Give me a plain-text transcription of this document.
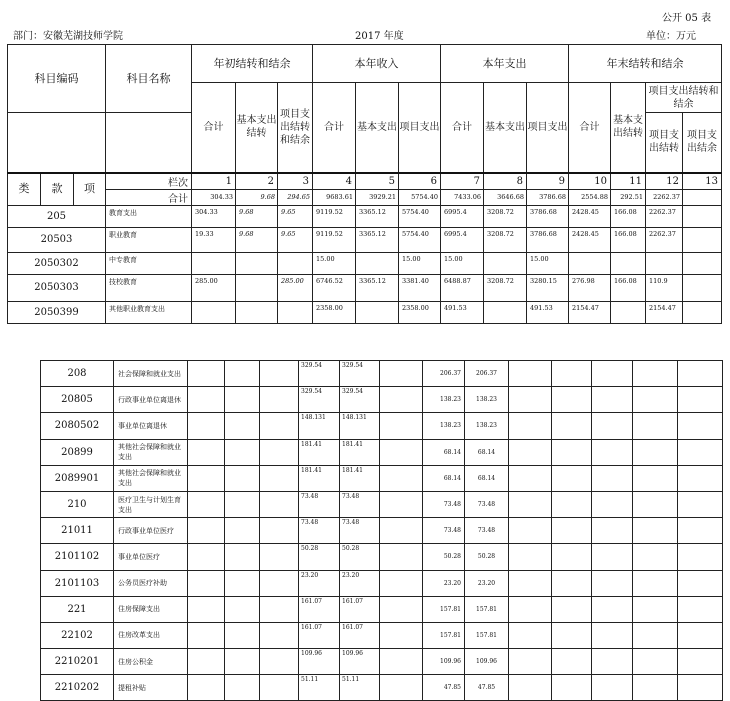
公开 05 表
部门：安徽芜湖技师学院	2017 年度	单位：万元
科目编码			科目名称	年初结转和结余			本年收入			本年支出			年末结转和结余			
				合计	基本支出结转	项目支出结转和结余	合计	基本支出	项目支出	合计	基本支出	项目支出	合计	基本支出结转	项目支出结转和结余	
															项目支出结转	项目支出结余
类	款	项	栏次	1	2	3	4	5	6	7	8	9	10	11	12	13
			合计	304.33	9.68	294.65	9683.61	3929.21	5754.40	7433.06	3646.68	3786.68	2554.88	292.51	2262.37	
205			教育支出	304.33	9.68	9.65	9119.52	3365.12	5754.40	6995.4	3208.72	3786.68	2428.45	166.08	2262.37	
20503			职业教育	19.33	9.68	9.65	9119.52	3365.12	5754.40	6995.4	3208.72	3786.68	2428.45	166.08	2262.37	
2050302			中专教育				15.00		15.00	15.00		15.00				
2050303			技校教育	285.00		285.00	6746.52	3365.12	3381.40	6488.87	3208.72	3280.15	276.98	166.08	110.9	
2050399			其他职业教育支出				2358.00		2358.00	491.53		491.53	2154.47		2154.47	
208	社会保障和就业支出				329.54	329.54		206.37	206.37					
20805	行政事业单位离退休				329.54	329.54		138.23	138.23					
2080502	事业单位离退休				148.131	148.131		138.23	138.23					
20899	其他社会保障和就业支出				181.41	181.41		68.14	68.14					
2089901	其他社会保障和就业支出				181.41	181.41		68.14	68.14					
210	医疗卫生与计划生育支出				73.48	73.48		73.48	73.48					
21011	行政事业单位医疗				73.48	73.48		73.48	73.48					
2101102	事业单位医疗				50.28	50.28		50.28	50.28					
2101103	公务员医疗补助				23.20	23.20		23.20	23.20					
221	住房保障支出				161.07	161.07		157.81	157.81					
22102	住房改革支出				161.07	161.07		157.81	157.81					
2210201	住房公积金				109.96	109.96		109.96	109.96					
2210202	提租补贴				51.11	51.11		47.85	47.85					
